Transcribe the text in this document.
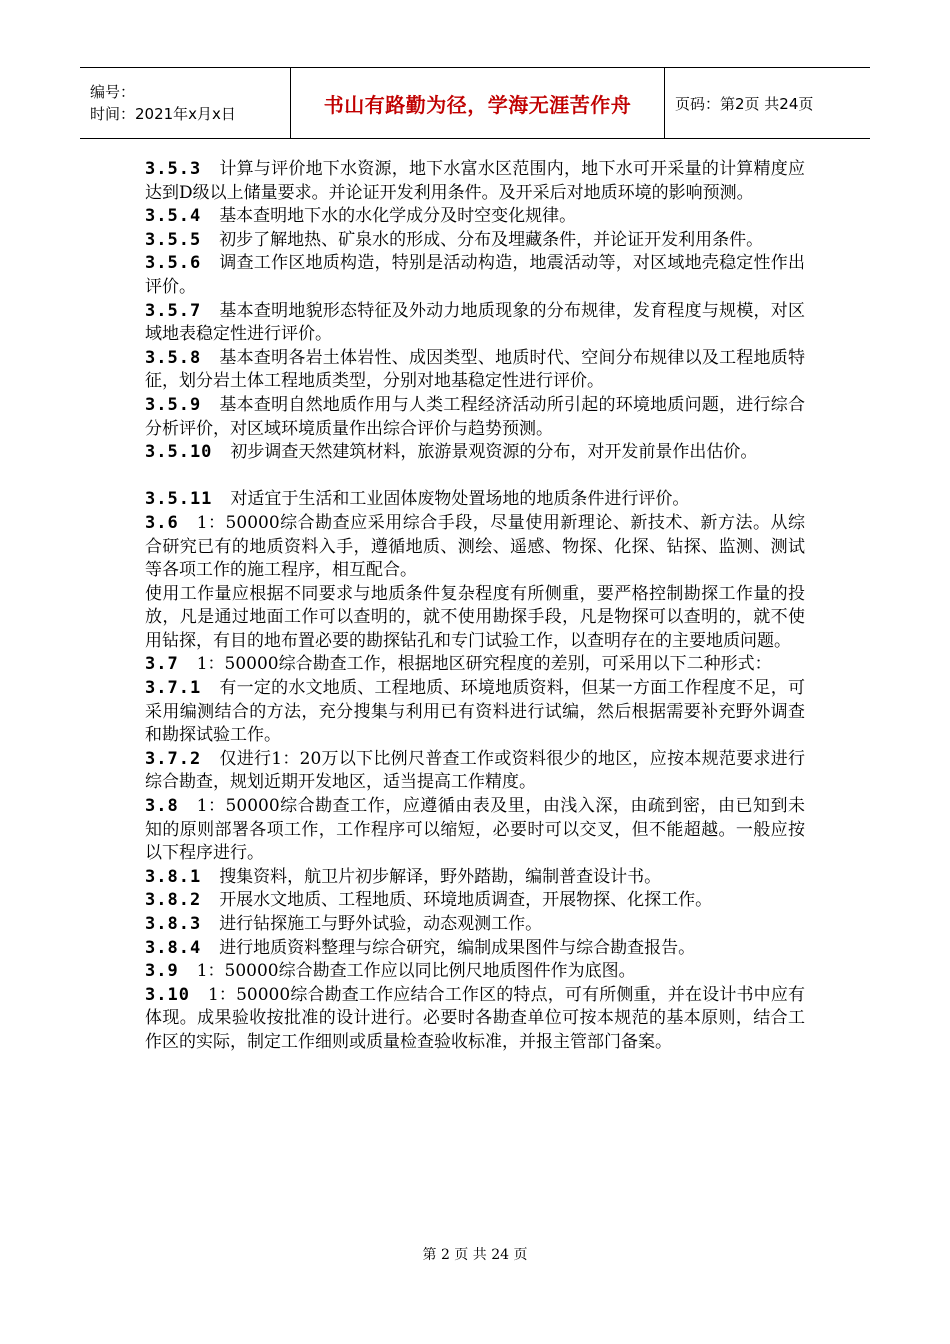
编号：
时间：2021年x月x日	书山有路勤为径，学海无涯苦作舟	页码：第2页 共24页

3.5.3 计算与评价地下水资源，地下水富水区范围内，地下水可开采量的计算精度应达到D级以上储量要求。并论证开发利用条件。及开采后对地质环境的影响预测。

3.5.4 基本查明地下水的水化学成分及时空变化规律。

3.5.5 初步了解地热、矿泉水的形成、分布及埋藏条件，并论证开发利用条件。

3.5.6 调查工作区地质构造，特别是活动构造，地震活动等，对区域地壳稳定性作出评价。

3.5.7 基本查明地貌形态特征及外动力地质现象的分布规律，发育程度与规模，对区域地表稳定性进行评价。

3.5.8 基本查明各岩土体岩性、成因类型、地质时代、空间分布规律以及工程地质特征，划分岩土体工程地质类型，分别对地基稳定性进行评价。

3.5.9 基本查明自然地质作用与人类工程经济活动所引起的环境地质问题，进行综合分析评价，对区域环境质量作出综合评价与趋势预测。

3.5.10 初步调查天然建筑材料，旅游景观资源的分布，对开发前景作出估价。

3.5.11 对适宜于生活和工业固体废物处置场地的地质条件进行评价。

3.6 1：50000综合勘查应采用综合手段，尽量使用新理论、新技术、新方法。从综合研究已有的地质资料入手，遵循地质、测绘、遥感、物探、化探、钻探、监测、测试等各项工作的施工程序，相互配合。

使用工作量应根据不同要求与地质条件复杂程度有所侧重，要严格控制勘探工作量的投放，凡是通过地面工作可以查明的，就不使用勘探手段，凡是物探可以查明的，就不使用钻探，有目的地布置必要的勘探钻孔和专门试验工作，以查明存在的主要地质问题。

3.7 1：50000综合勘查工作，根据地区研究程度的差别，可采用以下二种形式：

3.7.1 有一定的水文地质、工程地质、环境地质资料，但某一方面工作程度不足，可采用编测结合的方法，充分搜集与利用已有资料进行试编，然后根据需要补充野外调查和勘探试验工作。

3.7.2 仅进行1：20万以下比例尺普查工作或资料很少的地区，应按本规范要求进行综合勘查，规划近期开发地区，适当提高工作精度。

3.8 1：50000综合勘查工作，应遵循由表及里，由浅入深，由疏到密，由已知到未知的原则部署各项工作，工作程序可以缩短，必要时可以交叉，但不能超越。一般应按以下程序进行。

3.8.1 搜集资料，航卫片初步解译，野外踏勘，编制普查设计书。

3.8.2 开展水文地质、工程地质、环境地质调查，开展物探、化探工作。

3.8.3 进行钻探施工与野外试验，动态观测工作。

3.8.4 进行地质资料整理与综合研究，编制成果图件与综合勘查报告。

3.9 1：50000综合勘查工作应以同比例尺地质图件作为底图。

3.10 1：50000综合勘查工作应结合工作区的特点，可有所侧重，并在设计书中应有体现。成果验收按批准的设计进行。必要时各勘查单位可按本规范的基本原则，结合工作区的实际，制定工作细则或质量检查验收标准，并报主管部门备案。

第 2 页 共 24 页
